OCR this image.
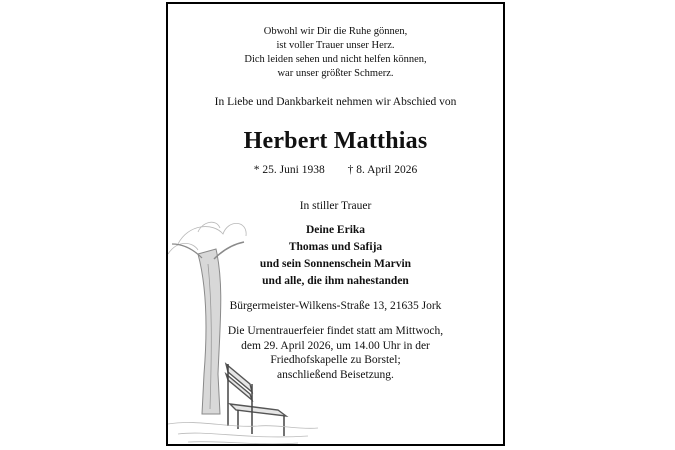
Obwohl wir Dir die Ruhe gönnen,
ist voller Trauer unser Herz.
Dich leiden sehen und nicht helfen können,
war unser größter Schmerz.
In Liebe und Dankbarkeit nehmen wir Abschied von
Herbert Matthias
* 25. Juni 1938 † 8. April 2026
In stiller Trauer
Deine Erika
Thomas und Safija
und sein Sonnenschein Marvin
und alle, die ihm nahestanden
Bürgermeister-Wilkens-Straße 13, 21635 Jork
Die Urnentrauerfeier findet statt am Mittwoch,
dem 29. April 2026, um 14.00 Uhr in der
Friedhofskapelle zu Borstel;
anschließend Beisetzung.
